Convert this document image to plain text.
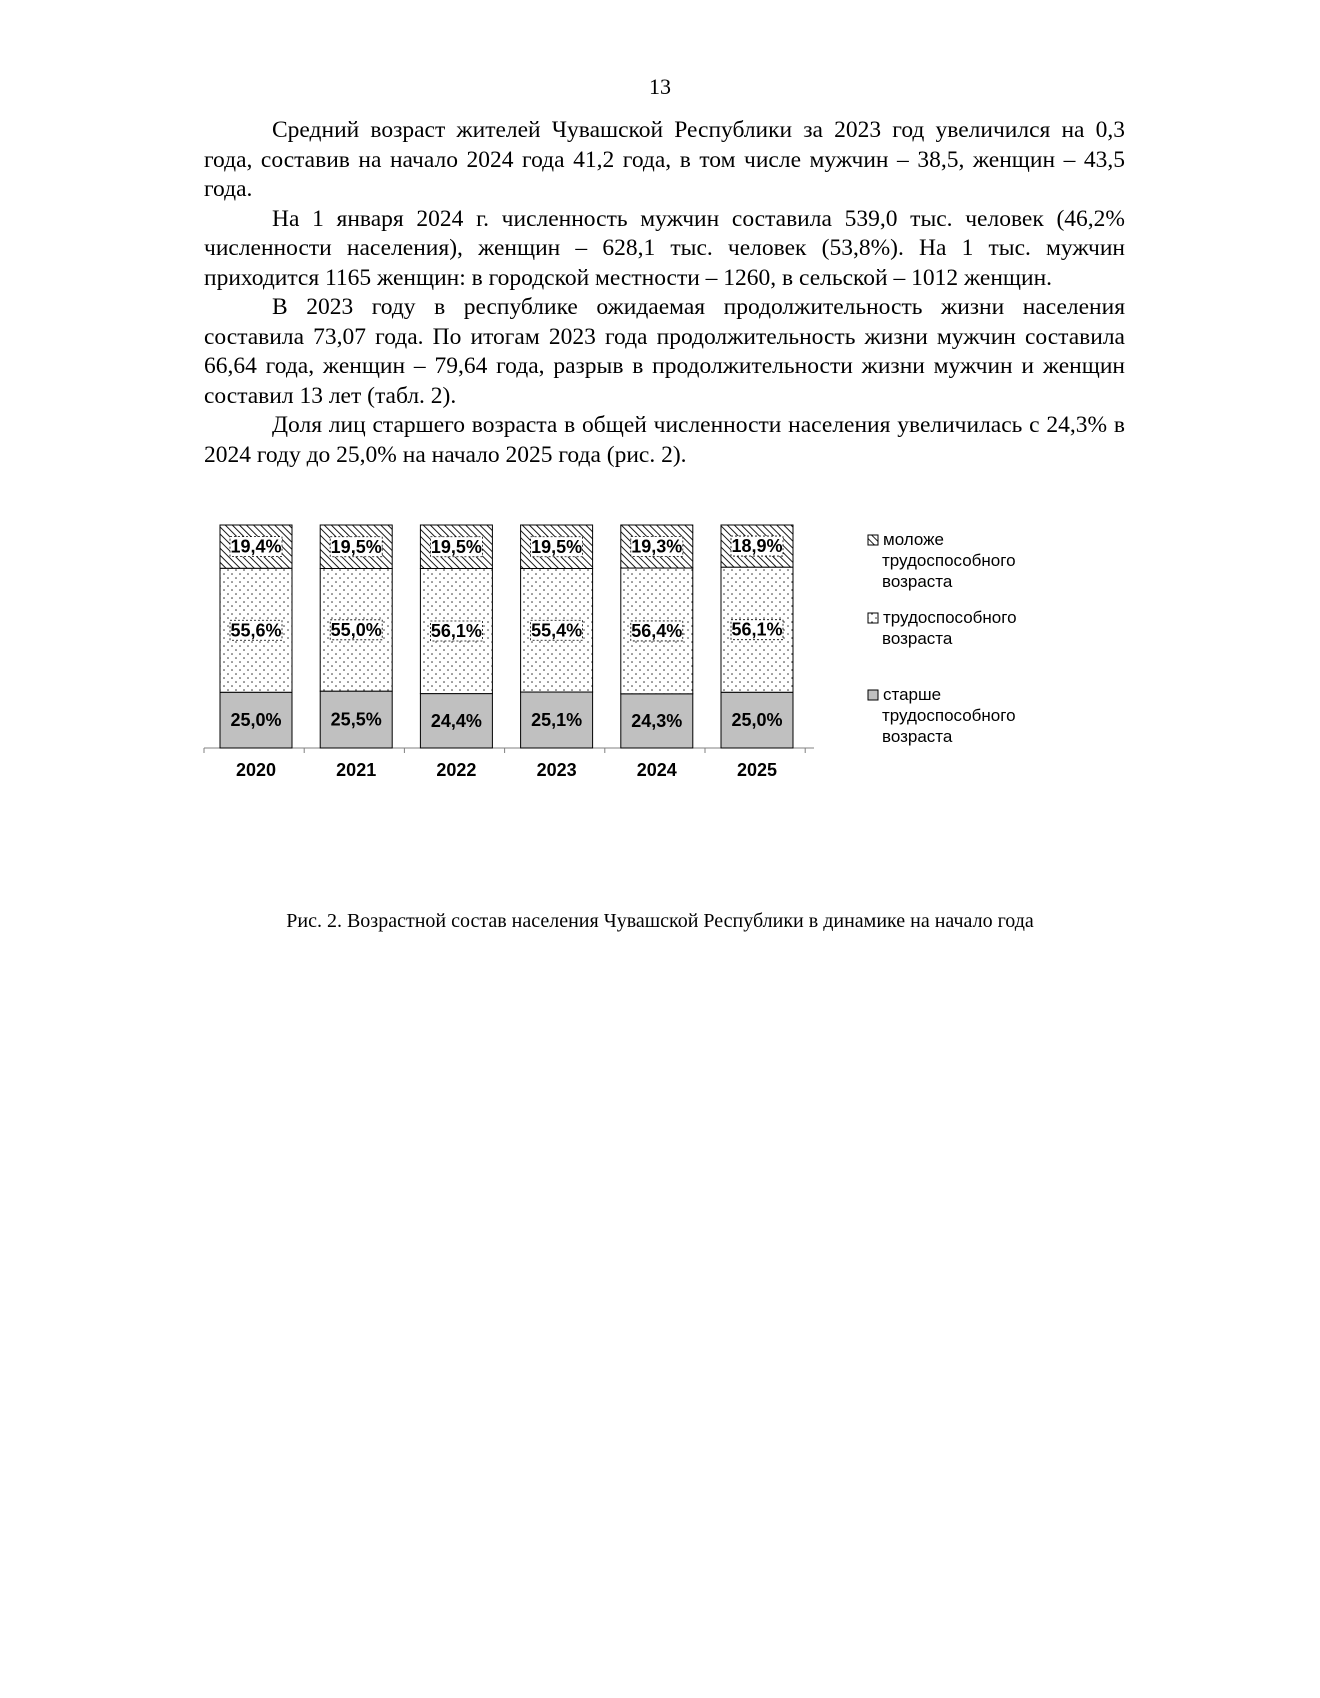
13

Средний возраст жителей Чувашской Республики за 2023 год увеличился на 0,3 года, составив на начало 2024 года 41,2 года, в том числе мужчин – 38,5, женщин – 43,5 года.

На 1 января 2024 г. численность мужчин составила 539,0 тыс. человек (46,2% численности населения), женщин – 628,1 тыс. человек (53,8%). На 1 тыс. мужчин приходится 1165 женщин: в городской местности – 1260, в сельской – 1012 женщин.

В 2023 году в республике ожидаемая продолжительность жизни населения составила 73,07 года. По итогам 2023 года продолжительность жизни мужчин составила 66,64 года, женщин – 79,64 года, разрыв в продолжительности жизни мужчин и женщин составил 13 лет (табл. 2).

Доля лиц старшего возраста в общей численности населения увеличилась с 24,3% в 2024 году до 25,0% на начало 2025 года (рис. 2).

25,0%
55,6%
19,4%
25,5%
55,0%
19,5%
24,4%
56,1%
19,5%
25,1%
55,4%
19,5%
24,3%
56,4%
19,3%
25,0%
56,1%
18,9%
2020	2021	2022	2023	2024	2025
моложе
трудоспособного
возраста
трудоспособного
возраста
старше
трудоспособного
возраста
Рис. 2. Возрастной состав населения Чувашской Республики в динамике на начало года
